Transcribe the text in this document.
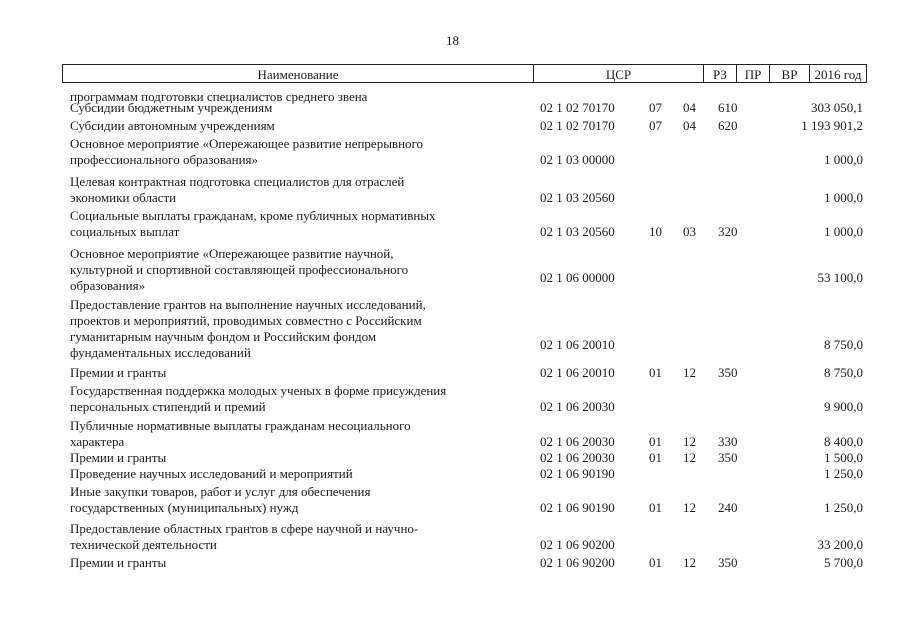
18
Наименование	ЦСР	РЗ	ПР	ВР	2016 год
программам подготовки специалистов среднего звена
Субсидии бюджетным учреждениям	02 1 02 70170	07 04 610	303 050,1
Субсидии автономным учреждениям	02 1 02 70170	07 04 620	1 193 901,2
Основное мероприятие «Опережающее развитие непрерывного
профессионального образования»	02 1 03 00000	1 000,0
Целевая контрактная подготовка специалистов для отраслей
экономики области	02 1 03 20560	1 000,0
Социальные выплаты гражданам, кроме публичных нормативных
социальных выплат	02 1 03 20560	10 03 320	1 000,0
Основное мероприятие «Опережающее развитие научной,
культурной и спортивной составляющей профессионального
образования»
02 1 06 00000	53 100,0
Предоставление грантов на выполнение научных исследований,
проектов и мероприятий, проводимых совместно с Российским
гуманитарным научным фондом и Российским фондом
фундаментальных исследований
02 1 06 20010	8 750,0
Премии и гранты	02 1 06 20010	01 12 350	8 750,0
Государственная поддержка молодых ученых в форме присуждения
персональных стипендий и премий	02 1 06 20030	9 900,0
Публичные нормативные выплаты гражданам несоциального
характера	02 1 06 20030	01 12 330	8 400,0
Премии и гранты	02 1 06 20030	01 12 350	1 500,0
Проведение научных исследований и мероприятий	02 1 06 90190	1 250,0
Иные закупки товаров, работ и услуг для обеспечения
государственных (муниципальных) нужд	02 1 06 90190	01 12 240	1 250,0
Предоставление областных грантов в сфере научной и научно-
технической деятельности	02 1 06 90200	33 200,0
Премии и гранты	02 1 06 90200	01 12 350	5 700,0
